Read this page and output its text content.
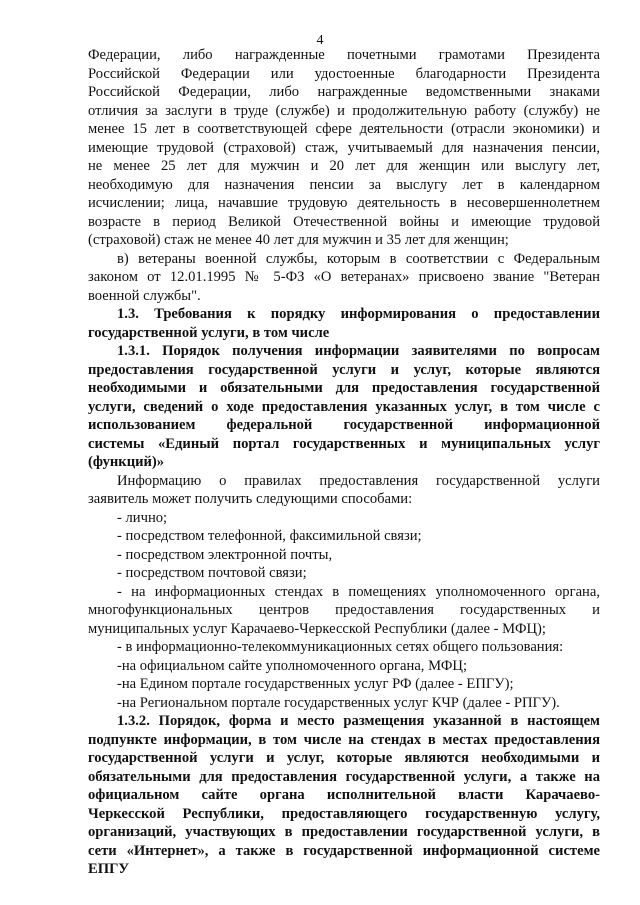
4
Федерации, либо награжденные почетными грамотами Президента
Российской Федерации или удостоенные благодарности Президента
Российской Федерации, либо награжденные ведомственными знаками
отличия за заслуги в труде (службе) и продолжительную работу (службу) не
менее 15 лет в соответствующей сфере деятельности (отрасли экономики) и
имеющие трудовой (страховой) стаж, учитываемый для назначения пенсии,
не менее 25 лет для мужчин и 20 лет для женщин или выслугу лет,
необходимую для назначения пенсии за выслугу лет в календарном
исчислении; лица, начавшие трудовую деятельность в несовершеннолетнем
возрасте в период Великой Отечественной войны и имеющие трудовой
(страховой) стаж не менее 40 лет для мужчин и 35 лет для женщин;
в) ветераны военной службы, которым в соответствии с Федеральным
законом от 12.01.1995 № 5-ФЗ «О ветеранах» присвоено звание "Ветеран
военной службы".
1.3. Требования к порядку информирования о предоставлении
государственной услуги, в том числе
1.3.1. Порядок получения информации заявителями по вопросам
предоставления государственной услуги и услуг, которые являются
необходимыми и обязательными для предоставления государственной
услуги, сведений о ходе предоставления указанных услуг, в том числе с
использованием федеральной государственной информационной
системы «Единый портал государственных и муниципальных услуг
(функций)»
Информацию о правилах предоставления государственной услуги
заявитель может получить следующими способами:
- лично;
- посредством телефонной, факсимильной связи;
- посредством электронной почты,
- посредством почтовой связи;
- на информационных стендах в помещениях уполномоченного органа,
многофункциональных центров предоставления государственных и
муниципальных услуг Карачаево-Черкесской Республики (далее - МФЦ);
- в информационно-телекоммуникационных сетях общего пользования:
-на официальном сайте уполномоченного органа, МФЦ;
-на Едином портале государственных услуг РФ (далее - ЕПГУ);
-на Региональном портале государственных услуг КЧР (далее - РПГУ).
1.3.2. Порядок, форма и место размещения указанной в настоящем
подпункте информации, в том числе на стендах в местах предоставления
государственной услуги и услуг, которые являются необходимыми и
обязательными для предоставления государственной услуги, а также на
официальном сайте органа исполнительной власти Карачаево-
Черкесской Республики, предоставляющего государственную услугу,
организаций, участвующих в предоставлении государственной услуги, в
сети «Интернет», а также в государственной информационной системе
ЕПГУ
